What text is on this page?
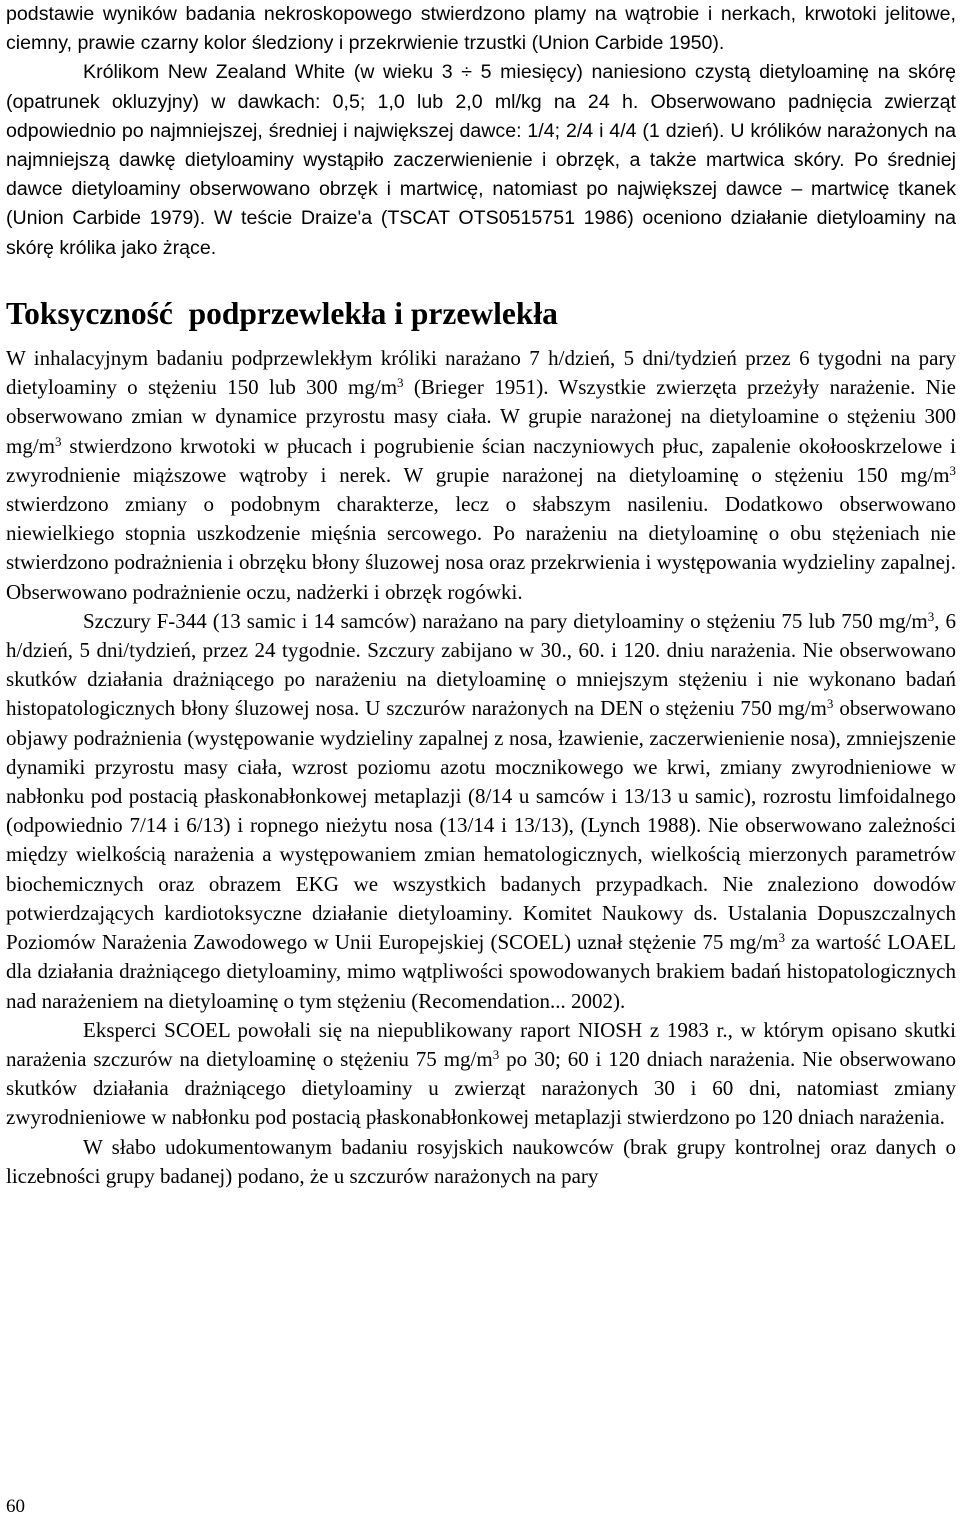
podstawie wyników badania nekroskopowego stwierdzono plamy na wątrobie i nerkach, krwotoki jelitowe, ciemny, prawie czarny kolor śledziony i przekrwienie trzustki (Union Carbide 1950).

Królikom New Zealand White (w wieku 3 ÷ 5 miesięcy) naniesiono czystą dietyloaminę na skórę (opatrunek okluzyjny) w dawkach: 0,5; 1,0 lub 2,0 ml/kg na 24 h. Obserwowano padnięcia zwierząt odpowiednio po najmniejszej, średniej i największej dawce: 1/4; 2/4 i 4/4 (1 dzień). U królików narażonych na najmniejszą dawkę dietyloaminy wystąpiło zaczerwienienie i obrzęk, a także martwica skóry. Po średniej dawce dietyloaminy obserwowano obrzęk i martwicę, natomiast po największej dawce – martwicę tkanek (Union Carbide 1979). W teście Draize'a (TSCAT OTS0515751 1986) oceniono działanie dietyloaminy na skórę królika jako żrące.

Toksyczność podprzewlekła i przewlekła

W inhalacyjnym badaniu podprzewlekłym króliki narażano 7 h/dzień, 5 dni/tydzień przez 6 tygodni na pary dietyloaminy o stężeniu 150 lub 300 $mg/m^3$ (Brieger 1951). Wszystkie zwierzęta przeżyły narażenie. Nie obserwowano zmian w dynamice przyrostu masy ciała. W grupie narażonej na dietyloamine o stężeniu 300 $mg/m^3$ stwierdzono krwotoki w płucach i pogrubienie ścian naczyniowych płuc, zapalenie okołooskrzelowe i zwyrodnienie miąższowe wątroby i nerek. W grupie narażonej na dietyloaminę o stężeniu 150 $mg/m^3$ stwierdzono zmiany o podobnym charakterze, lecz o słabszym nasileniu. Dodatkowo obserwowano niewielkiego stopnia uszkodzenie mięśnia sercowego. Po narażeniu na dietyloaminę o obu stężeniach nie stwierdzono podrażnienia i obrzęku błony śluzowej nosa oraz przekrwienia i występowania wydzieliny zapalnej. Obserwowano podrażnienie oczu, nadżerki i obrzęk rogówki.

Szczury F-344 (13 samic i 14 samców) narażano na pary dietyloaminy o stężeniu 75 lub 750 $mg/m^3$, 6 h/dzień, 5 dni/tydzień, przez 24 tygodnie. Szczury zabijano w 30., 60. i 120. dniu narażenia. Nie obserwowano skutków działania drażniącego po narażeniu na dietyloaminę o mniejszym stężeniu i nie wykonano badań histopatologicznych błony śluzowej nosa. U szczurów narażonych na DEN o stężeniu 750 $mg/m^3$ obserwowano objawy podrażnienia (występowanie wydzieliny zapalnej z nosa, łzawienie, zaczerwienienie nosa), zmniejszenie dynamiki przyrostu masy ciała, wzrost poziomu azotu mocznikowego we krwi, zmiany zwyrodnieniowe w nabłonku pod postacią płaskonabłonkowej metaplazji (8/14 u samców i 13/13 u samic), rozrostu limfoidalnego (odpowiednio 7/14 i 6/13) i ropnego nieżytu nosa (13/14 i 13/13), (Lynch 1988). Nie obserwowano zależności między wielkością narażenia a występowaniem zmian hematologicznych, wielkością mierzonych parametrów biochemicznych oraz obrazem EKG we wszystkich badanych przypadkach. Nie znaleziono dowodów potwierdzających kardiotoksyczne działanie dietyloaminy. Komitet Naukowy ds. Ustalania Dopuszczalnych Poziomów Narażenia Zawodowego w Unii Europejskiej (SCOEL) uznał stężenie 75 $mg/m^3$ za wartość LOAEL dla działania drażniącego dietyloaminy, mimo wątpliwości spowodowanych brakiem badań histopatologicznych nad narażeniem na dietyloaminę o tym stężeniu (Recomendation... 2002).

Eksperci SCOEL powołali się na niepublikowany raport NIOSH z 1983 r., w którym opisano skutki narażenia szczurów na dietyloaminę o stężeniu 75 $mg/m^3$ po 30; 60 i 120 dniach narażenia. Nie obserwowano skutków działania drażniącego dietyloaminy u zwierząt narażonych 30 i 60 dni, natomiast zmiany zwyrodnieniowe w nabłonku pod postacią płaskonabłonkowej metaplazji stwierdzono po 120 dniach narażenia.

W słabo udokumentowanym badaniu rosyjskich naukowców (brak grupy kontrolnej oraz danych o liczebności grupy badanej) podano, że u szczurów narażonych na pary

60
